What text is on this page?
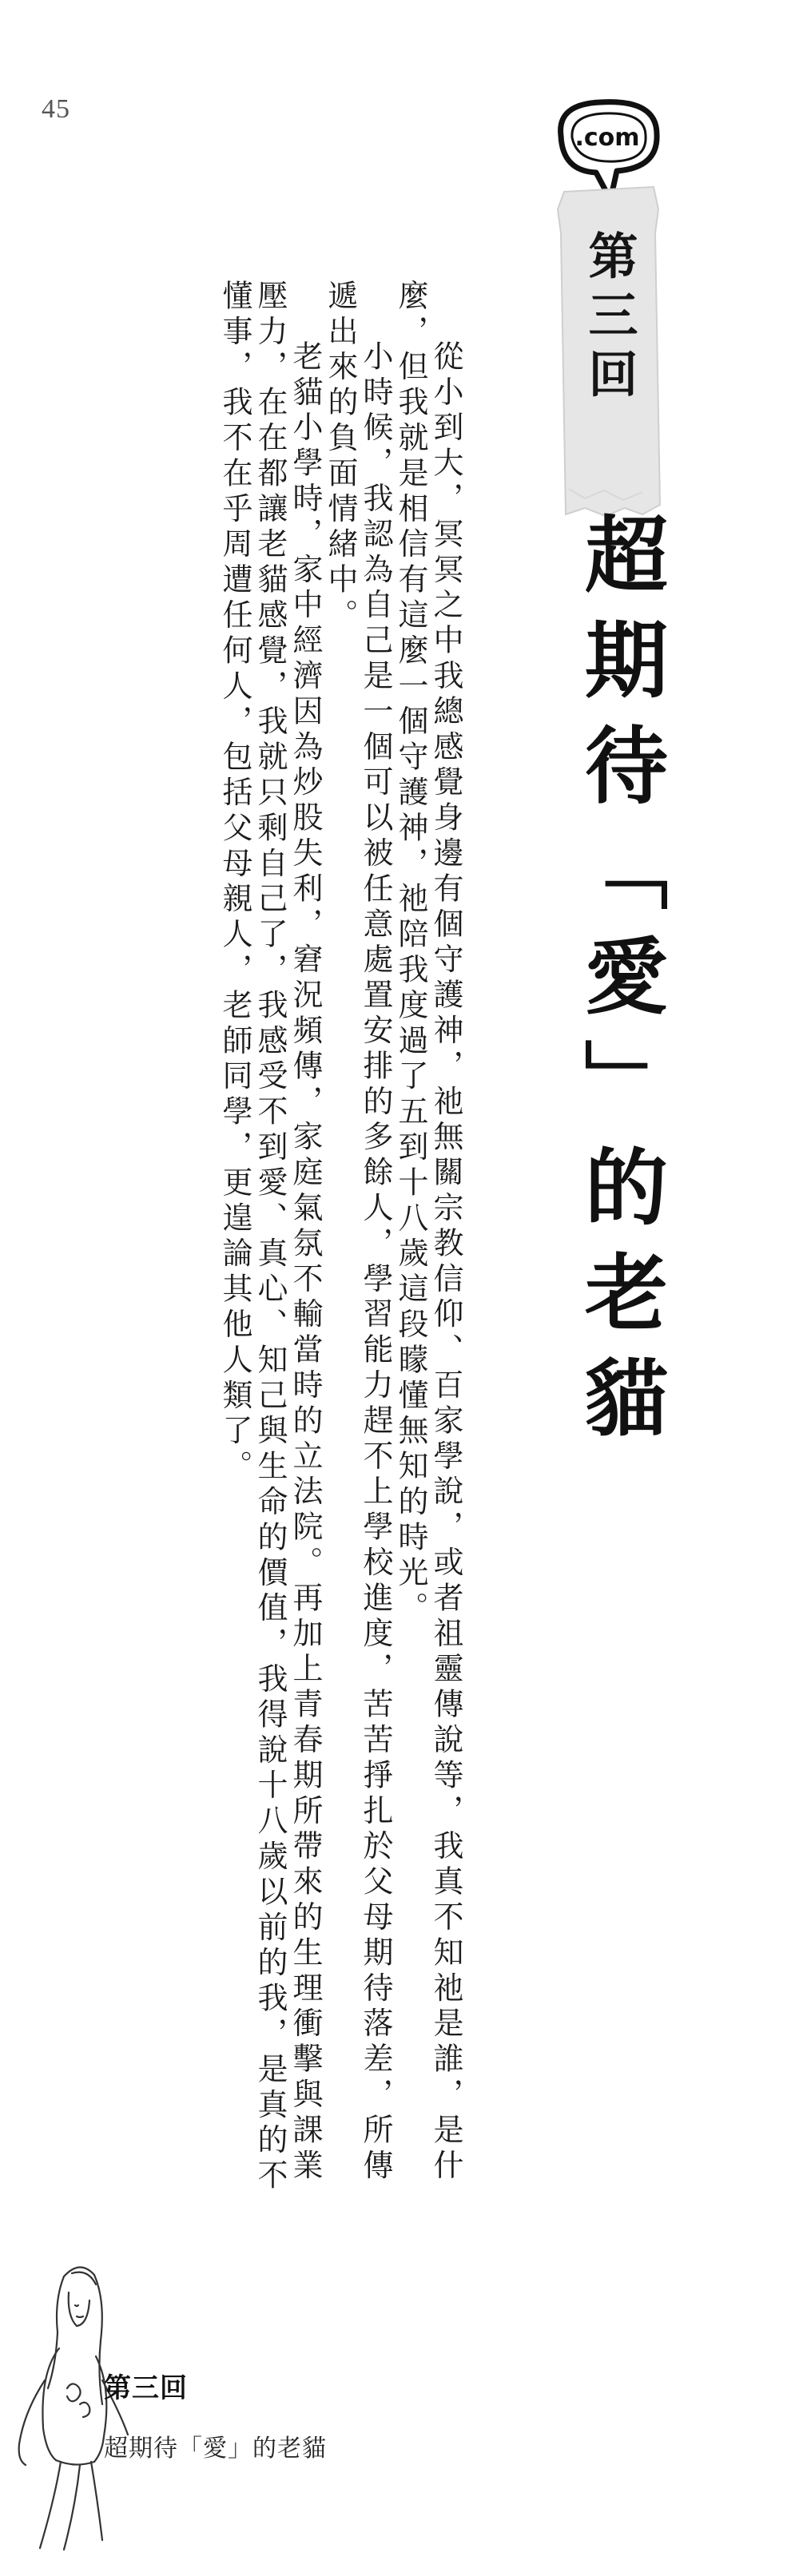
45
.com
第三回
超期待「愛」的老貓

從小到大，冥冥之中我總感覺身邊有個守護神，祂無關宗教信仰、百家學說，或者祖靈傳說等，我真不知祂是誰，是什麼，但我就是相信有這麼一個守護神，祂陪我度過了五到十八歲這段矇懂無知的時光。

小時候，我認為自己是一個可以被任意處置安排的多餘人，學習能力趕不上學校進度，苦苦掙扎於父母期待落差，所傳遞出來的負面情緒中。

老貓小學時，家中經濟因為炒股失利，窘況頻傳，家庭氣氛不輸當時的立法院。再加上青春期所帶來的生理衝擊與課業壓力，在在都讓老貓感覺，我就只剩自己了，我感受不到愛、真心、知己與生命的價值，我得說十八歲以前的我，是真的不懂事，我不在乎周遭任何人，包括父母親人，老師同學，更遑論其他人類了。

第三回
超期待「愛」的老貓
